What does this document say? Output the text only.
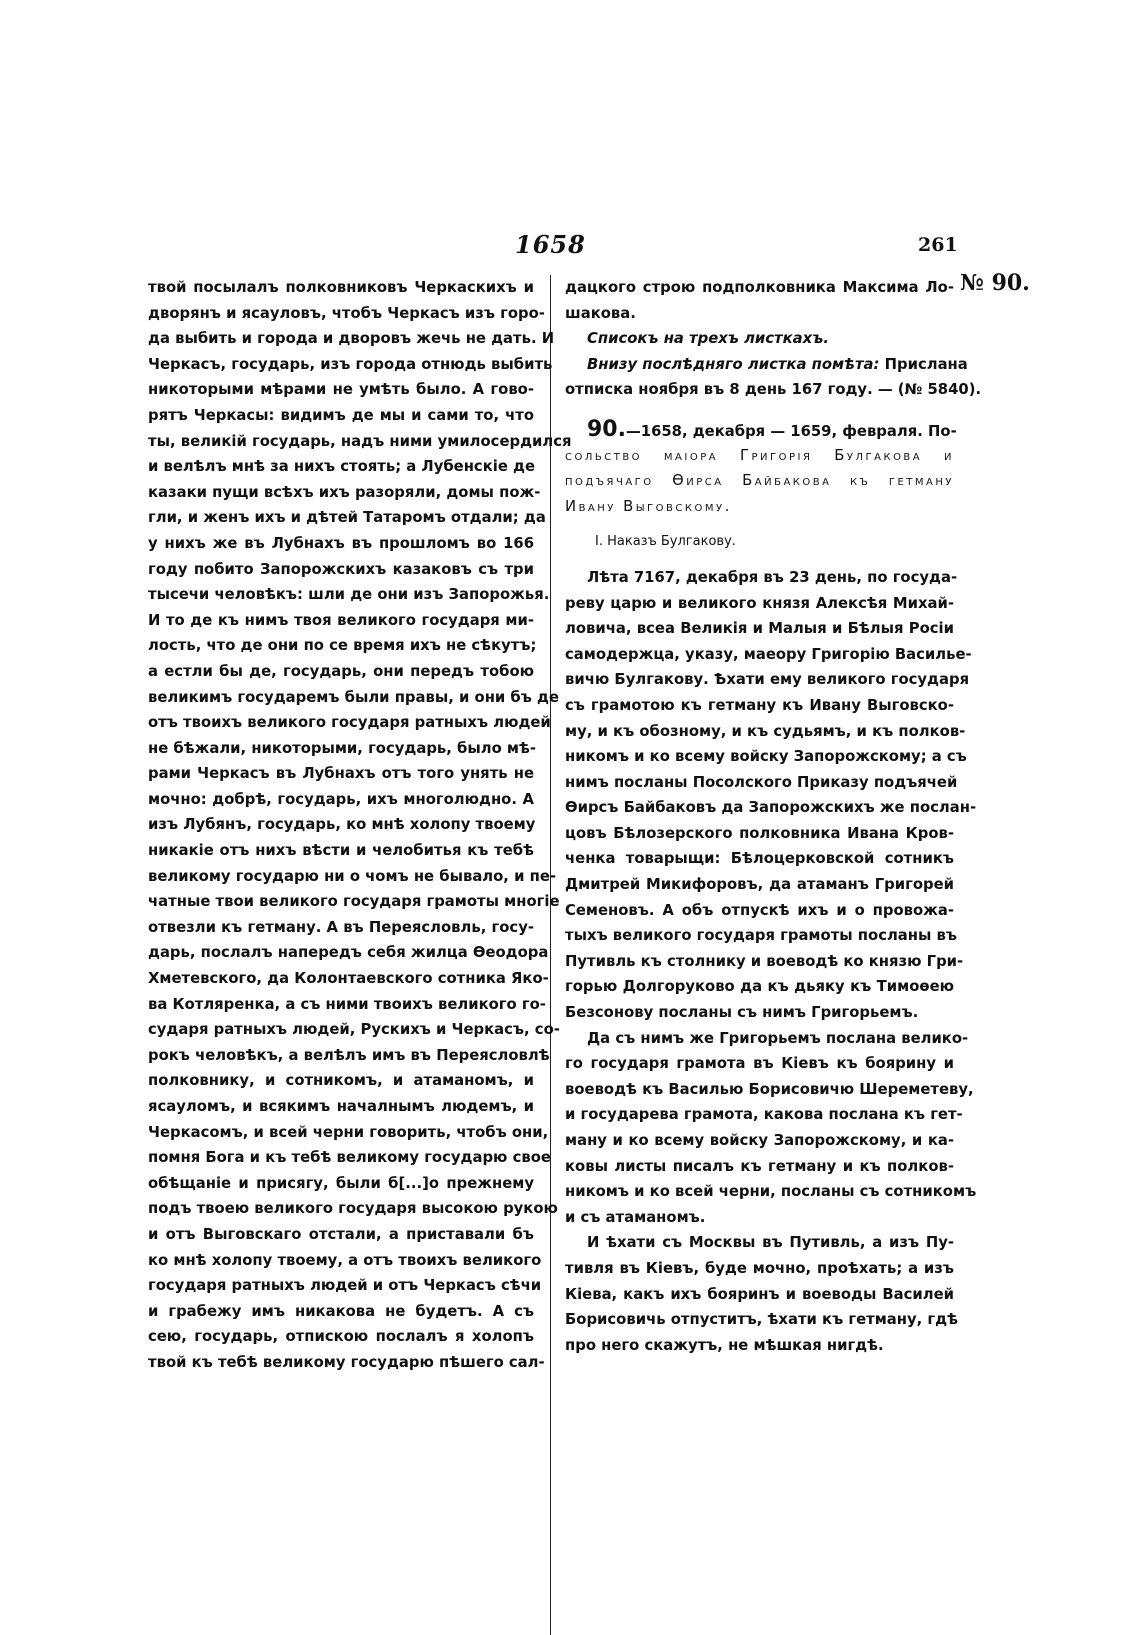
1658	261
№ 90.
твой посылалъ полковниковъ Черкаскихъ и
дворянъ и ясауловъ, чтобъ Черкасъ изъ горо-
да выбить и города и дворовъ жечь не дать. И
Черкасъ, государь, изъ города отнюдь выбить
никоторыми мѣрами не умѣть было. А гово-
рятъ Черкасы: видимъ де мы и сами то, что
ты, великій государь, надъ ними умилосердился
и велѣлъ мнѣ за нихъ стоять; а Лубенскіе де
казаки пущи всѣхъ ихъ разоряли, домы пож-
гли, и женъ ихъ и дѣтей Татаромъ отдали; да
у нихъ же въ Лубнахъ въ прошломъ во 166
году побито Запорожскихъ казаковъ съ три
тысечи человѣкъ: шли де они изъ Запорожья.
И то де къ нимъ твоя великого государя ми-
лость, что де они по се время ихъ не сѣкутъ;
а естли бы де, государь, они передъ тобою
великимъ государемъ были правы, и они бъ де
отъ твоихъ великого государя ратныхъ людей
не бѣжали, никоторыми, государь, было мѣ-
рами Черкасъ въ Лубнахъ отъ того унять не
мочно: добрѣ, государь, ихъ многолюдно. А
изъ Лубянъ, государь, ко мнѣ холопу твоему
никакіе отъ нихъ вѣсти и челобитья къ тебѣ
великому государю ни о чомъ не бывало, и пе-
чатные твои великого государя грамоты многіе
отвезли къ гетману. А въ Переясловль, госу-
дарь, послалъ напередъ себя жилца Ѳеодора
Хметевского, да Колонтаевского сотника Яко-
ва Котляренка, а съ ними твоихъ великого го-
сударя ратныхъ людей, Рускихъ и Черкасъ, со-
рокъ человѣкъ, а велѣлъ имъ въ Переясловлѣ
полковнику, и сотникомъ, и атаманомъ, и
ясауломъ, и всякимъ началнымъ людемъ, и
Черкасомъ, и всей черни говорить, чтобъ они,
помня Бога и къ тебѣ великому государю свое
обѣщаніе и присягу, были б[...]о прежнему
подъ твоею великого государя высокою рукою
и отъ Выговскаго отстали, а приставали бъ
ко мнѣ холопу твоему, а отъ твоихъ великого
государя ратныхъ людей и отъ Черкасъ сѣчи
и грабежу имъ никакова не будетъ. А съ
сею, государь, отпискою послалъ я холопъ
твой къ тебѣ великому государю пѣшего сал-
дацкого строю подполковника Максима Ло-
шакова.
Списокъ на трехъ листкахъ.
Внизу послѣдняго листка помѣта: Прислана
отписка ноября въ 8 день 167 году. — (№ 5840).
90.—1658, декабря — 1659, февраля. По-
сольство маіора Григорія Булгакова и
подъячаго Ѳирса Байбакова къ гетману
Ивану Выговскому.
I. Наказъ Булгакову.
Лѣта 7167, декабря въ 23 день, по госуда-
реву царю и великого князя Алексѣя Михай-
ловича, всеа Великія и Малыя и Бѣлыя Росіи
самодержца, указу, маеору Григорію Василье-
вичю Булгакову. Ѣхати ему великого государя
съ грамотою къ гетману къ Ивану Выговско-
му, и къ обозному, и къ судьямъ, и къ полков-
никомъ и ко всему войску Запорожскому; а съ
нимъ посланы Посолского Приказу подъячей
Ѳирсъ Байбаковъ да Запорожскихъ же послан-
цовъ Бѣлозерского полковника Ивана Кров-
ченка товарыщи: Бѣлоцерковской сотникъ
Дмитрей Микифоровъ, да атаманъ Григорей
Семеновъ. А объ отпускѣ ихъ и о провожа-
тыхъ великого государя грамоты посланы въ
Путивль къ столнику и воеводѣ ко князю Гри-
горью Долгоруково да къ дьяку къ Тимоѳею
Безсонову посланы съ нимъ Григорьемъ.
Да съ нимъ же Григорьемъ послана велико-
го государя грамота въ Кіевъ къ боярину и
воеводѣ къ Василью Борисовичю Шереметеву,
и государева грамота, какова послана къ гет-
ману и ко всему войску Запорожскому, и ка-
ковы листы писалъ къ гетману и къ полков-
никомъ и ко всей черни, посланы съ сотникомъ
и съ атаманомъ.
И ѣхати съ Москвы въ Путивль, а изъ Пу-
тивля въ Кіевъ, буде мочно, проѣхать; а изъ
Кіева, какъ ихъ бояринъ и воеводы Василей
Борисовичь отпуститъ, ѣхати къ гетману, гдѣ
про него скажутъ, не мѣшкая нигдѣ.
